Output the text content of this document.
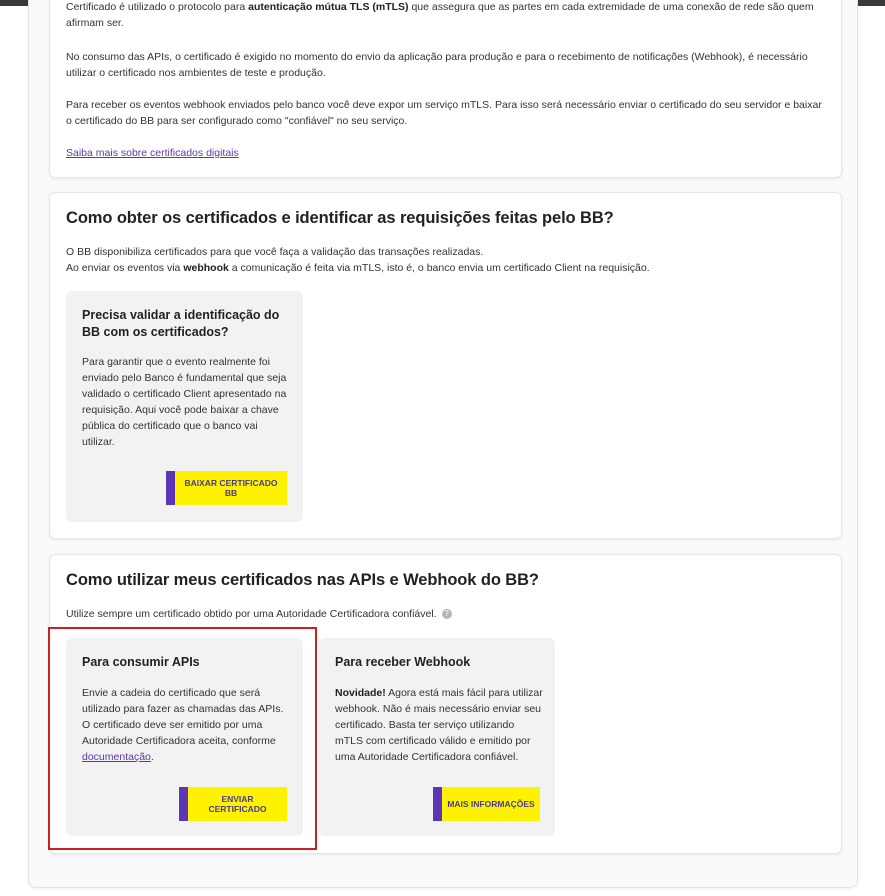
Certificado é utilizado o protocolo para autenticação mútua TLS (mTLS) que assegura que as partes em cada extremidade de uma conexão de rede são quem afirmam ser.

No consumo das APIs, o certificado é exigido no momento do envio da aplicação para produção e para o recebimento de notificações (Webhook), é necessário utilizar o certificado nos ambientes de teste e produção.

Para receber os eventos webhook enviados pelo banco você deve expor um serviço mTLS. Para isso será necessário enviar o certificado do seu servidor e baixar o certificado do BB para ser configurado como "confiável" no seu serviço.

Saiba mais sobre certificados digitais
Como obter os certificados e identificar as requisições feitas pelo BB?

O BB disponibiliza certificados para que você faça a validação das transações realizadas.

Ao enviar os eventos via webhook a comunicação é feita via mTLS, isto é, o banco envia um certificado Client na requisição.

Precisa validar a identificação do BB com os certificados?

Para garantir que o evento realmente foi enviado pelo Banco é fundamental que seja validado o certificado Client apresentado na requisição. Aqui você pode baixar a chave pública do certificado que o banco vai utilizar.

BAIXAR CERTIFICADO BB
Como utilizar meus certificados nas APIs e Webhook do BB?

Utilize sempre um certificado obtido por uma Autoridade Certificadora confiável. ?

Para consumir APIs

Envie a cadeia do certificado que será utilizado para fazer as chamadas das APIs. O certificado deve ser emitido por uma Autoridade Certificadora aceita, conforme documentação.

ENVIAR CERTIFICADO
Para receber Webhook

Novidade! Agora está mais fácil para utilizar webhook. Não é mais necessário enviar seu certificado. Basta ter serviço utilizando mTLS com certificado válido e emitido por uma Autoridade Certificadora confiável.

MAIS INFORMAÇÕES
